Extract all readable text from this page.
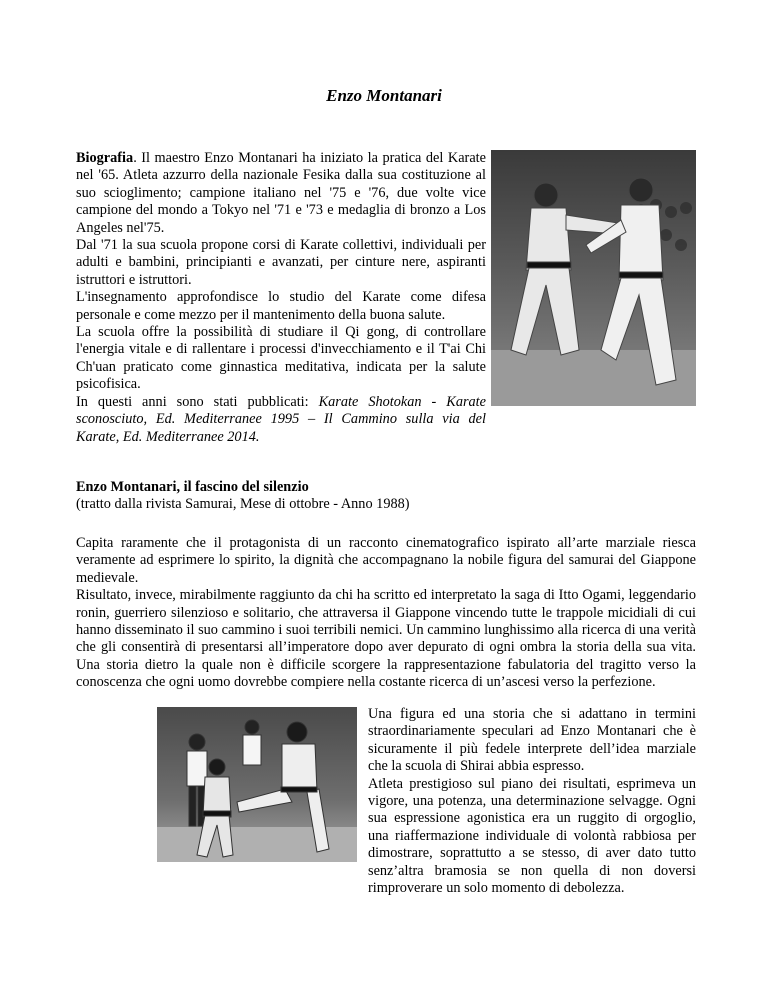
Enzo Montanari

Biografia. Il maestro Enzo Montanari ha iniziato la pratica del Karate nel '65. Atleta azzurro della nazionale Fesika dalla sua costituzione al suo scioglimento; campione italiano nel '75 e '76, due volte vice campione del mondo a Tokyo nel '71 e '73 e medaglia di bronzo a Los Angeles nel'75.

Dal '71 la sua scuola propone corsi di Karate collettivi, individuali per adulti e bambini, principianti e avanzati, per cinture nere, aspiranti istruttori e istruttori.

L'insegnamento approfondisce lo studio del Karate come difesa personale e come mezzo per il mantenimento della buona salute.

La scuola offre la possibilità di studiare il Qi gong, di controllare l'energia vitale e di rallentare i processi d'invecchiamento e il T'ai Chi Ch'uan praticato come ginnastica meditativa, indicata per la salute psicofisica.

In questi anni sono stati pubblicati: Karate Shotokan - Karate sconosciuto, Ed. Mediterranee 1995 – Il Cammino sulla via del Karate, Ed. Mediterranee 2014.

Enzo Montanari, il fascino del silenzio

(tratto dalla rivista Samurai, Mese di ottobre - Anno 1988)

Capita raramente che il protagonista di un racconto cinematografico ispirato all’arte marziale riesca veramente ad esprimere lo spirito, la dignità che accompagnano la nobile figura del samurai del Giappone medievale.

Risultato, invece, mirabilmente raggiunto da chi ha scritto ed interpretato la saga di Itto Ogami, leggendario ronin, guerriero silenzioso e solitario, che attraversa il Giappone vincendo tutte le trappole micidiali di cui hanno disseminato il suo cammino i suoi terribili nemici. Un cammino lunghissimo alla ricerca di una verità che gli consentirà di presentarsi all’imperatore dopo aver depurato di ogni ombra la storia della sua vita. Una storia dietro la quale non è difficile scorgere la rappresentazione fabulatoria del tragitto verso la conoscenza che ogni uomo dovrebbe compiere nella costante ricerca di un’ascesi verso la perfezione.

Una figura ed una storia che si adattano in termini straordinariamente speculari ad Enzo Montanari che è sicuramente il più fedele interprete dell’idea marziale che la scuola di Shirai abbia espresso.

Atleta prestigioso sul piano dei risultati, esprimeva un vigore, una potenza, una determinazione selvagge. Ogni sua espressione agonistica era un ruggito di orgoglio, una riaffermazione individuale di volontà rabbiosa per dimostrare, soprattutto a se stesso, di aver dato tutto senz’altra bramosia se non quella di non doversi rimproverare un solo momento di debolezza.
